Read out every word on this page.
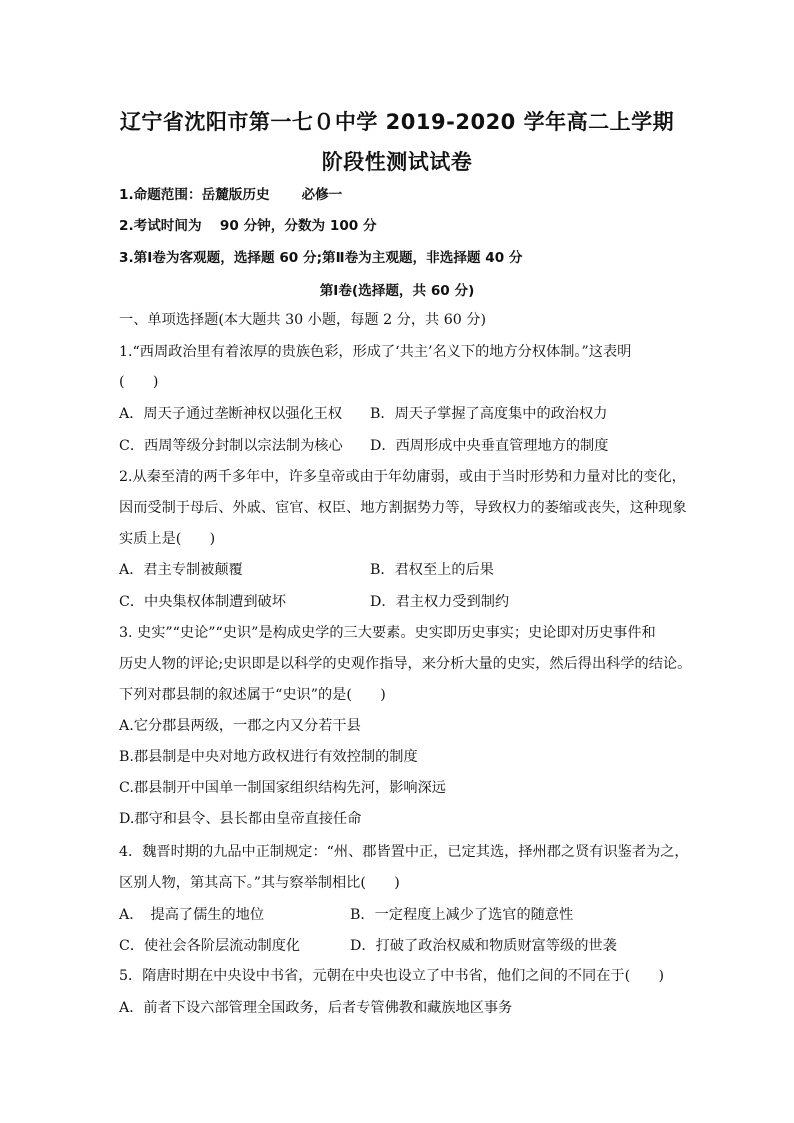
辽宁省沈阳市第一七０中学 2019-2020 学年高二上学期
阶段性测试试卷
1.命题范围：岳麓版历史　　 必修一
2.考试时间为　 90 分钟，分数为 100 分
3.第Ⅰ卷为客观题，选择题 60 分;第Ⅱ卷为主观题，非选择题 40 分
第Ⅰ卷(选择题，共 60 分)
一、单项选择题(本大题共 30 小题，每题 2 分，共 60 分)
1.“西周政治里有着浓厚的贵族色彩，形成了‘共主’名义下的地方分权体制。”这表明
(　　)
A．周天子通过垄断神权以强化王权 B．周天子掌握了高度集中的政治权力
C．西周等级分封制以宗法制为核心 D．西周形成中央垂直管理地方的制度
2.从秦至清的两千多年中，许多皇帝或由于年幼庸弱，或由于当时形势和力量对比的变化，
因而受制于母后、外戚、宦官、权臣、地方割据势力等，导致权力的萎缩或丧失，这种现象
实质上是(　　)
A．君主专制被颠覆	B．君权至上的后果
C．中央集权体制遭到破坏	D．君主权力受到制约
3. 史实”“史论”“史识”是构成史学的三大要素。史实即历史事实；史论即对历史事件和
历史人物的评论;史识即是以科学的史观作指导，来分析大量的史实，然后得出科学的结论。
下列对郡县制的叙述属于“史识”的是(　　)
A.它分郡县两级，一郡之内又分若干县
B.郡县制是中央对地方政权进行有效控制的制度
C.郡县制开中国单一制国家组织结构先河，影响深远
D.郡守和县令、县长都由皇帝直接任命
4．魏晋时期的九品中正制规定：“州、郡皆置中正，已定其选，择州郡之贤有识鉴者为之，
区别人物，第其高下。”其与察举制相比(　　)
A．　提高了儒生的地位	B．一定程度上减少了选官的随意性
C．使社会各阶层流动制度化	D．打破了政治权威和物质财富等级的世袭
5．隋唐时期在中央设中书省，元朝在中央也设立了中书省，他们之间的不同在于(　　)
A．前者下设六部管理全国政务，后者专管佛教和藏族地区事务
